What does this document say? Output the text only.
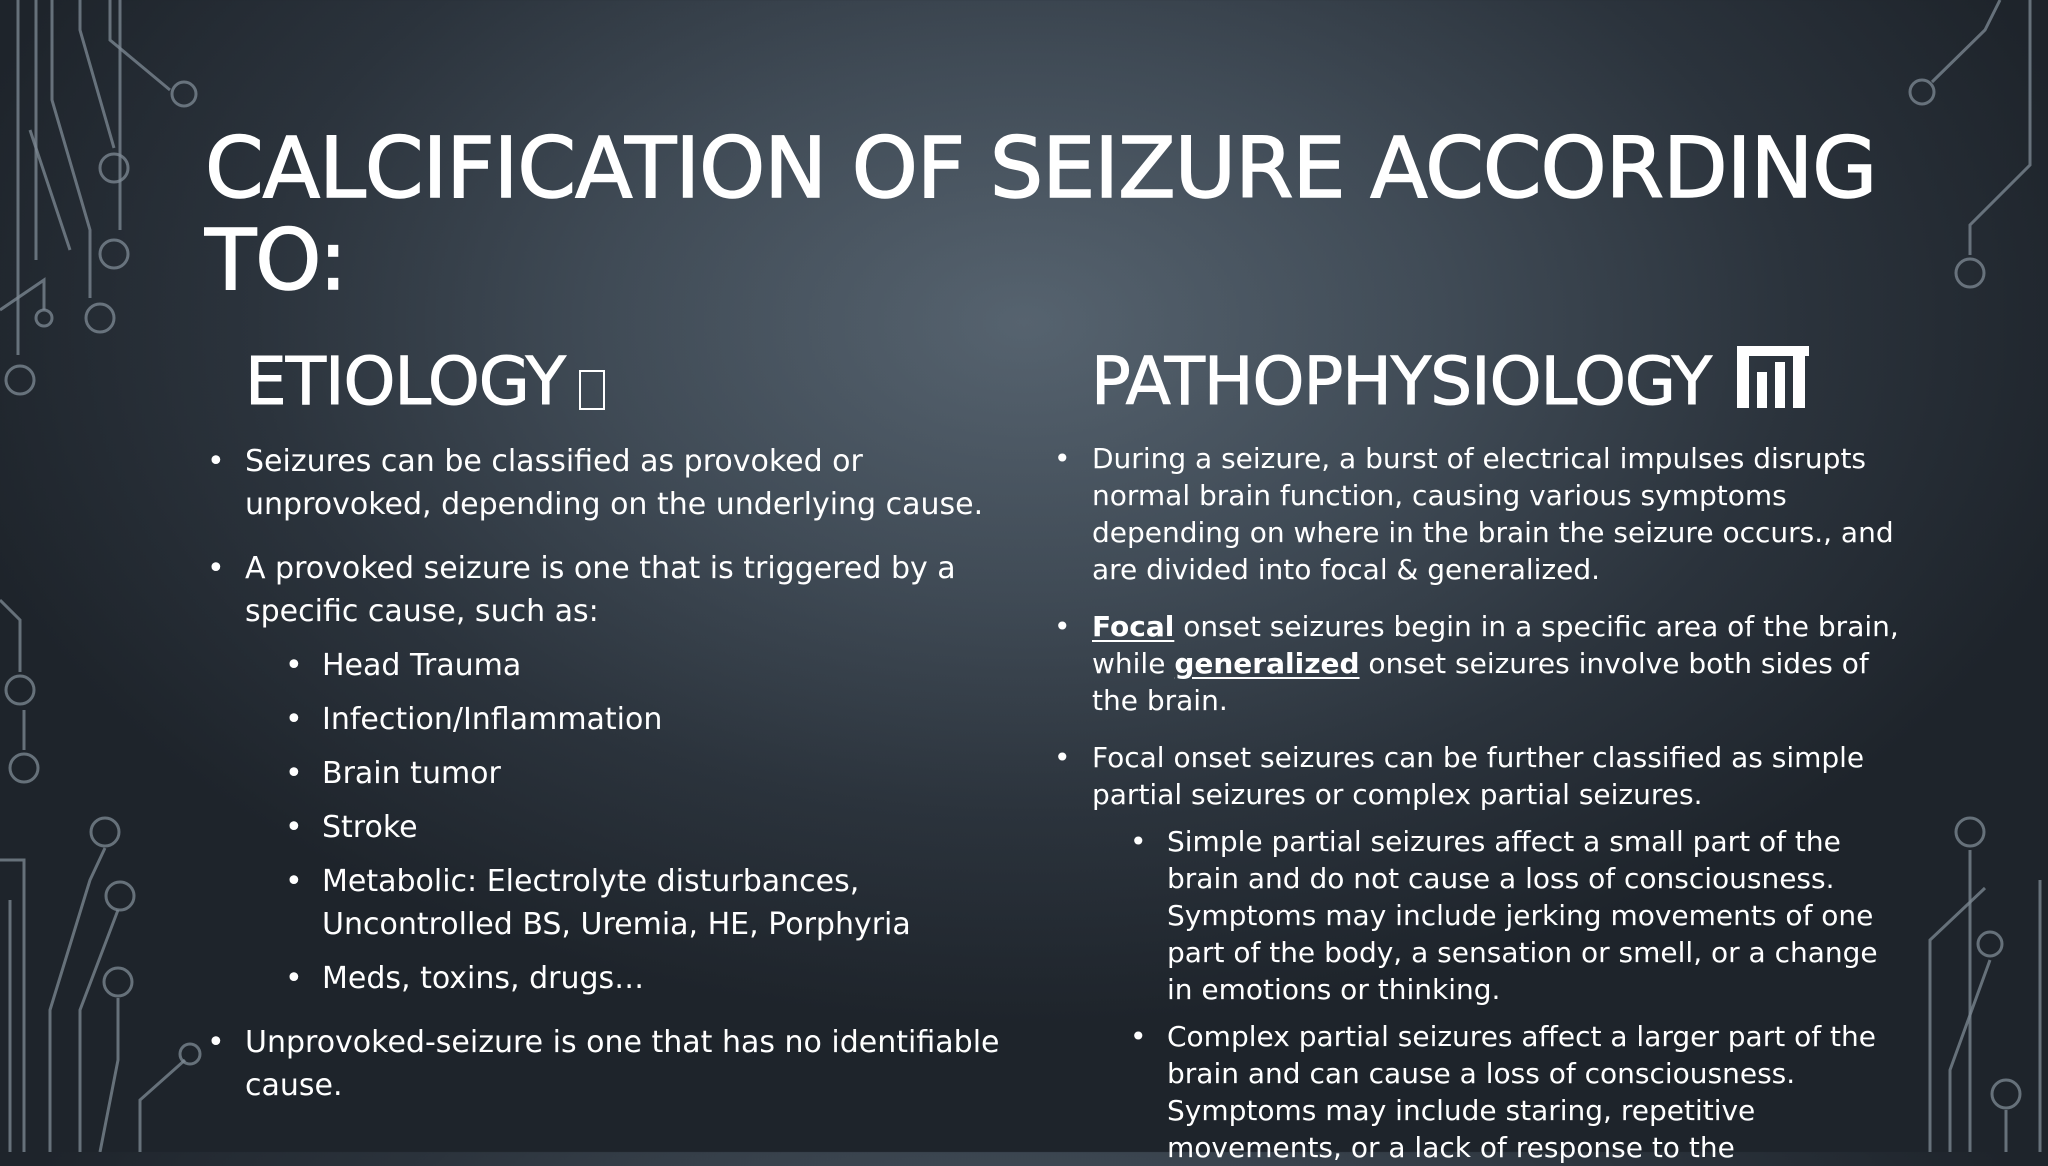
CALCIFICATION OF SEIZURE ACCORDING TO:
ETIOLOGY	PATHOPHYSIOLOGY
• Seizures can be classified as provoked or unprovoked, depending on the underlying cause.
• A provoked seizure is one that is triggered by a specific cause, such as:
• Head Trauma
• Infection/Inflammation
• Brain tumor
• Stroke
• Metabolic: Electrolyte disturbances, Uncontrolled BS, Uremia, HE, Porphyria
• Meds, toxins, drugs…
• Unprovoked-seizure is one that has no identifiable cause.
• During a seizure, a burst of electrical impulses disrupts normal brain function, causing various symptoms depending on where in the brain the seizure occurs., and are divided into focal & generalized.
• Focal onset seizures begin in a specific area of the brain, while generalized onset seizures involve both sides of the brain.
• Focal onset seizures can be further classified as simple partial seizures or complex partial seizures.
• Simple partial seizures affect a small part of the brain and do not cause a loss of consciousness. Symptoms may include jerking movements of one part of the body, a sensation or smell, or a change in emotions or thinking.
• Complex partial seizures affect a larger part of the brain and can cause a loss of consciousness. Symptoms may include staring, repetitive movements, or a lack of response to the
